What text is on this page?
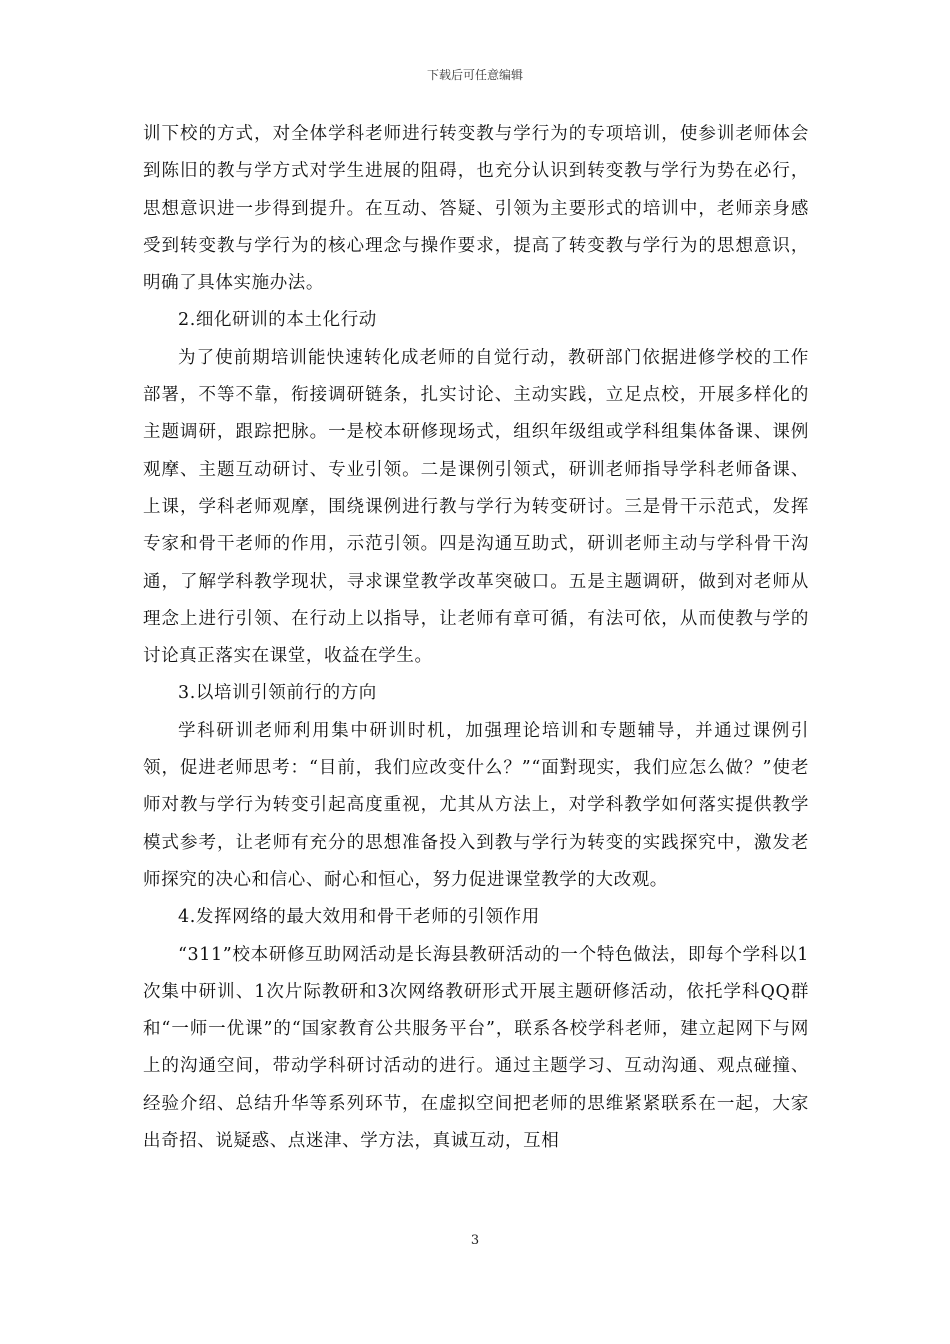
下载后可任意编辑

训下校的方式，对全体学科老师进行转变教与学行为的专项培训，使参训老师体会到陈旧的教与学方式对学生进展的阻碍，也充分认识到转变教与学行为势在必行，思想意识进一步得到提升。在互动、答疑、引领为主要形式的培训中，老师亲身感受到转变教与学行为的核心理念与操作要求，提高了转变教与学行为的思想意识，明确了具体实施办法。

2.细化研训的本土化行动

为了使前期培训能快速转化成老师的自觉行动，教研部门依据进修学校的工作部署，不等不靠，衔接调研链条，扎实讨论、主动实践，立足点校，开展多样化的主题调研，跟踪把脉。一是校本研修现场式，组织年级组或学科组集体备课、课例观摩、主题互动研讨、专业引领。二是课例引领式，研训老师指导学科老师备课、上课，学科老师观摩，围绕课例进行教与学行为转变研讨。三是骨干示范式，发挥专家和骨干老师的作用，示范引领。四是沟通互助式，研训老师主动与学科骨干沟通，了解学科教学现状，寻求课堂教学改革突破口。五是主题调研，做到对老师从理念上进行引领、在行动上以指导，让老师有章可循，有法可依，从而使教与学的讨论真正落实在课堂，收益在学生。

3.以培训引领前行的方向

学科研训老师利用集中研训时机，加强理论培训和专题辅导，并通过课例引领，促进老师思考：“目前，我们应改变什么？”“面對现实，我们应怎么做？”使老师对教与学行为转变引起高度重视，尤其从方法上，对学科教学如何落实提供教学模式参考，让老师有充分的思想准备投入到教与学行为转变的实践探究中，激发老师探究的决心和信心、耐心和恒心，努力促进课堂教学的大改观。

4.发挥网络的最大效用和骨干老师的引领作用

“311”校本研修互助网活动是长海县教研活动的一个特色做法，即每个学科以1次集中研训、1次片际教研和3次网络教研形式开展主题研修活动，依托学科QQ群和“一师一优课”的“国家教育公共服务平台”，联系各校学科老师，建立起网下与网上的沟通空间，带动学科研讨活动的进行。通过主题学习、互动沟通、观点碰撞、经验介绍、总结升华等系列环节，在虚拟空间把老师的思维紧紧联系在一起，大家出奇招、说疑惑、点迷津、学方法，真诚互动，互相

3
